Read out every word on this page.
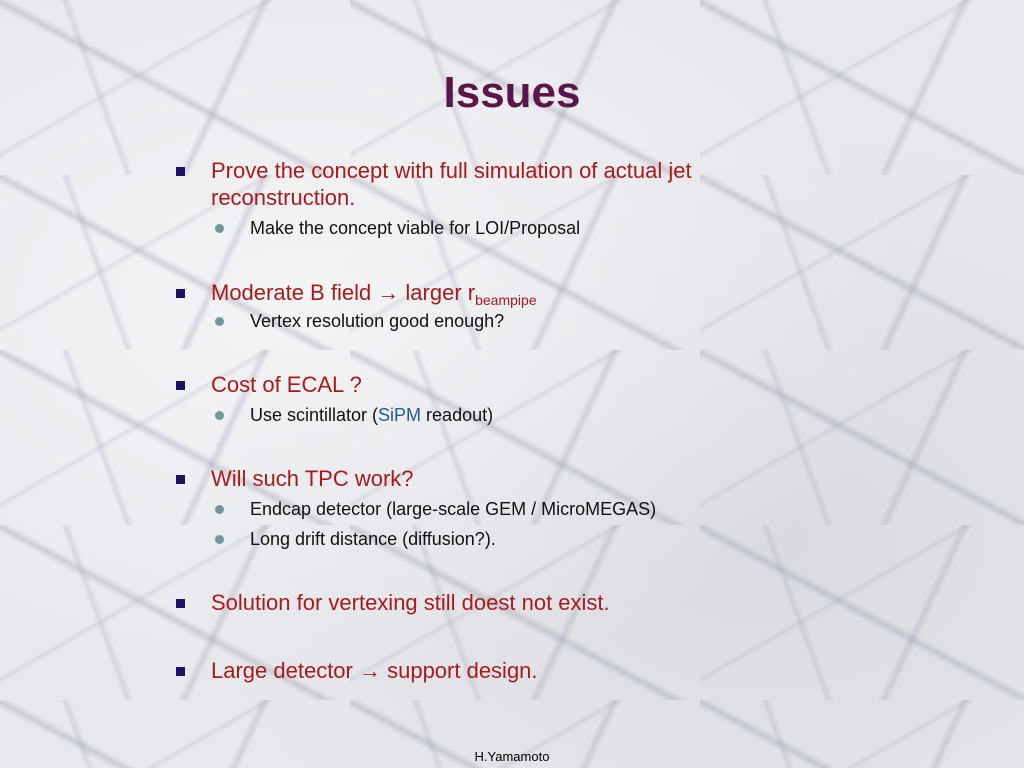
Issues
Prove the concept with full simulation of actual jet reconstruction.
Make the concept viable for LOI/Proposal
Moderate B field → larger $r_{beampipe}$
Vertex resolution good enough?
Cost of ECAL ?
Use scintillator (SiPM readout)
Will such TPC work?
Endcap detector (large-scale GEM / MicroMEGAS)
Long drift distance (diffusion?).
Solution for vertexing still doest not exist.
Large detector → support design.
H.Yamamoto
